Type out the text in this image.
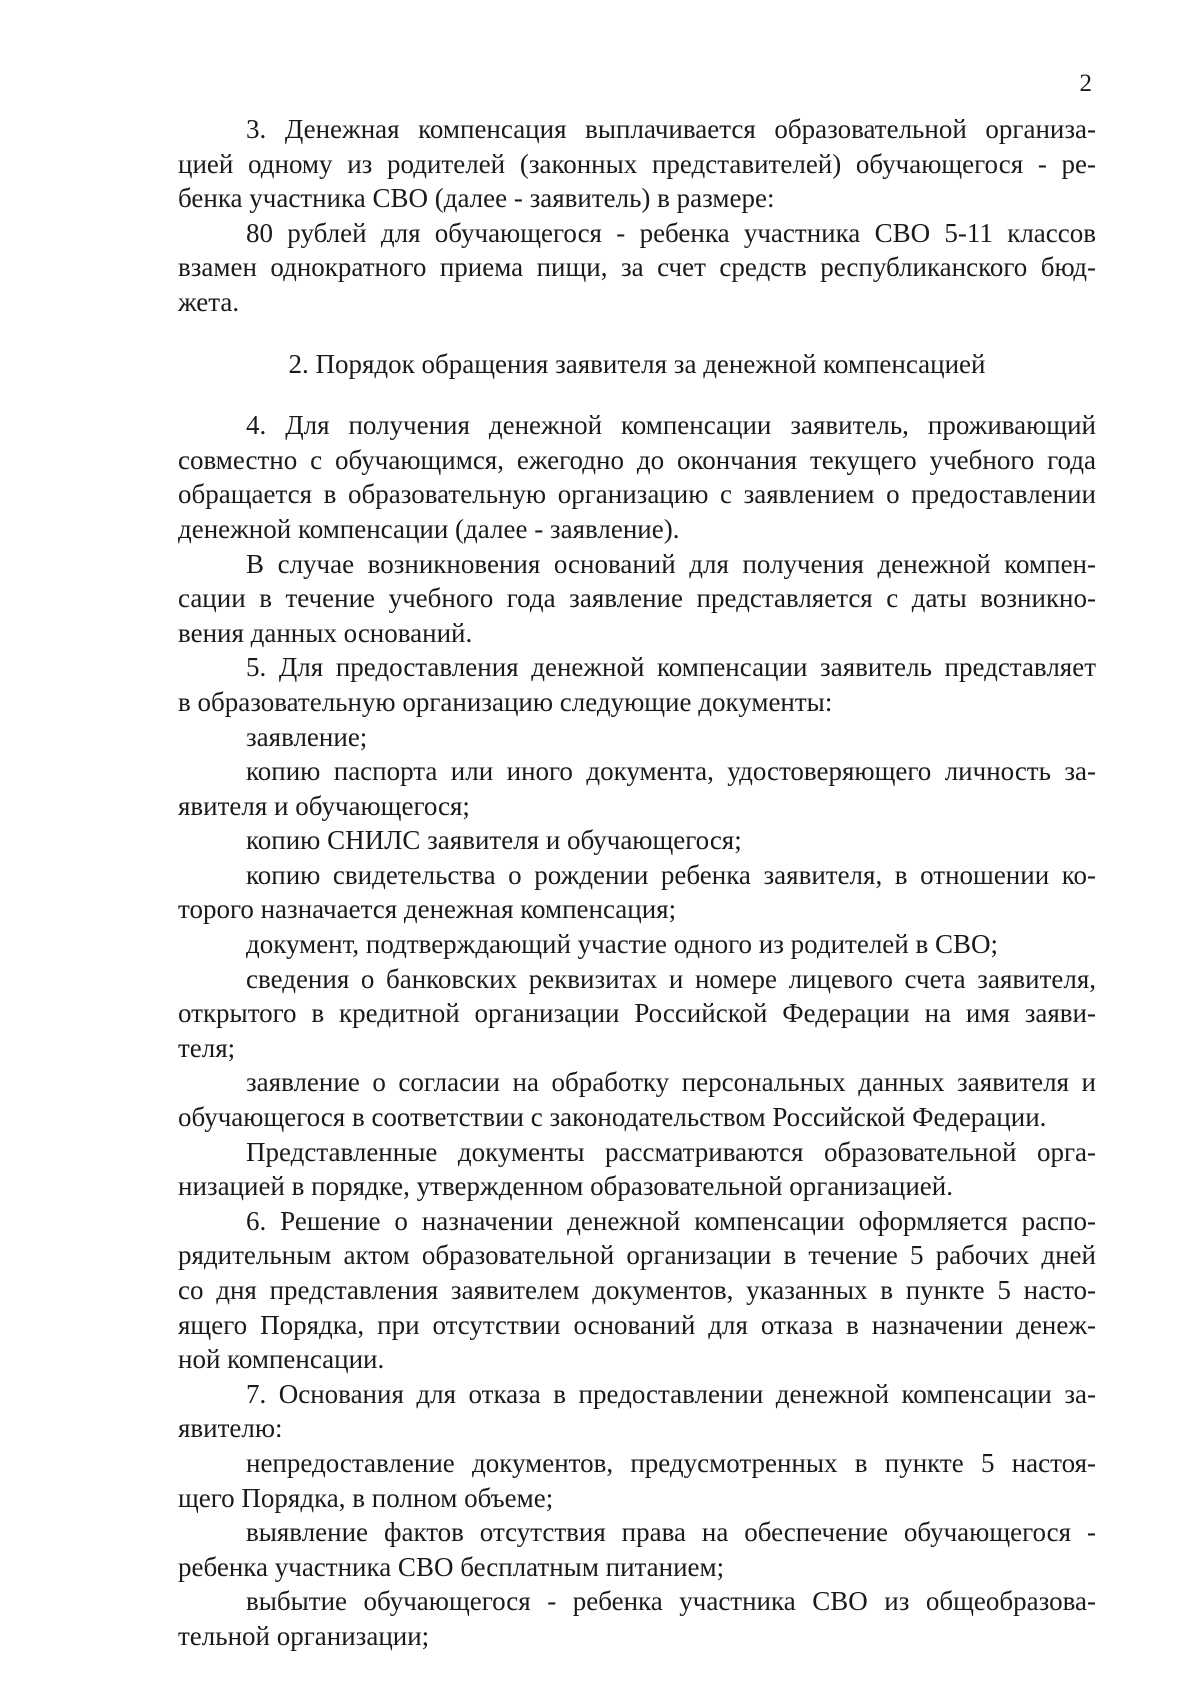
2

3. Денежная компенсация выплачивается образовательной организа-
цией одному из родителей (законных представителей) обучающегося - ре-
бенка участника СВО (далее - заявитель) в размере:

80 рублей для обучающегося - ребенка участника СВО 5-11 классов
взамен однократного приема пищи, за счет средств республиканского бюд-
жета.

2. Порядок обращения заявителя за денежной компенсацией

4. Для получения денежной компенсации заявитель, проживающий
совместно с обучающимся, ежегодно до окончания текущего учебного года
обращается в образовательную организацию с заявлением о предоставлении
денежной компенсации (далее - заявление).

В случае возникновения оснований для получения денежной компен-
сации в течение учебного года заявление представляется с даты возникно-
вения данных оснований.

5. Для предоставления денежной компенсации заявитель представляет
в образовательную организацию следующие документы:

заявление;

копию паспорта или иного документа, удостоверяющего личность за-
явителя и обучающегося;

копию СНИЛС заявителя и обучающегося;

копию свидетельства о рождении ребенка заявителя, в отношении ко-
торого назначается денежная компенсация;

документ, подтверждающий участие одного из родителей в СВО;

сведения о банковских реквизитах и номере лицевого счета заявителя,
открытого в кредитной организации Российской Федерации на имя заяви-
теля;

заявление о согласии на обработку персональных данных заявителя и
обучающегося в соответствии с законодательством Российской Федерации.

Представленные документы рассматриваются образовательной орга-
низацией в порядке, утвержденном образовательной организацией.

6. Решение о назначении денежной компенсации оформляется распо-
рядительным актом образовательной организации в течение 5 рабочих дней
со дня представления заявителем документов, указанных в пункте 5 насто-
ящего Порядка, при отсутствии оснований для отказа в назначении денеж-
ной компенсации.

7. Основания для отказа в предоставлении денежной компенсации за-
явителю:

непредоставление документов, предусмотренных в пункте 5 настоя-
щего Порядка, в полном объеме;

выявление фактов отсутствия права на обеспечение обучающегося -
ребенка участника СВО бесплатным питанием;

выбытие обучающегося - ребенка участника СВО из общеобразова-
тельной организации;
